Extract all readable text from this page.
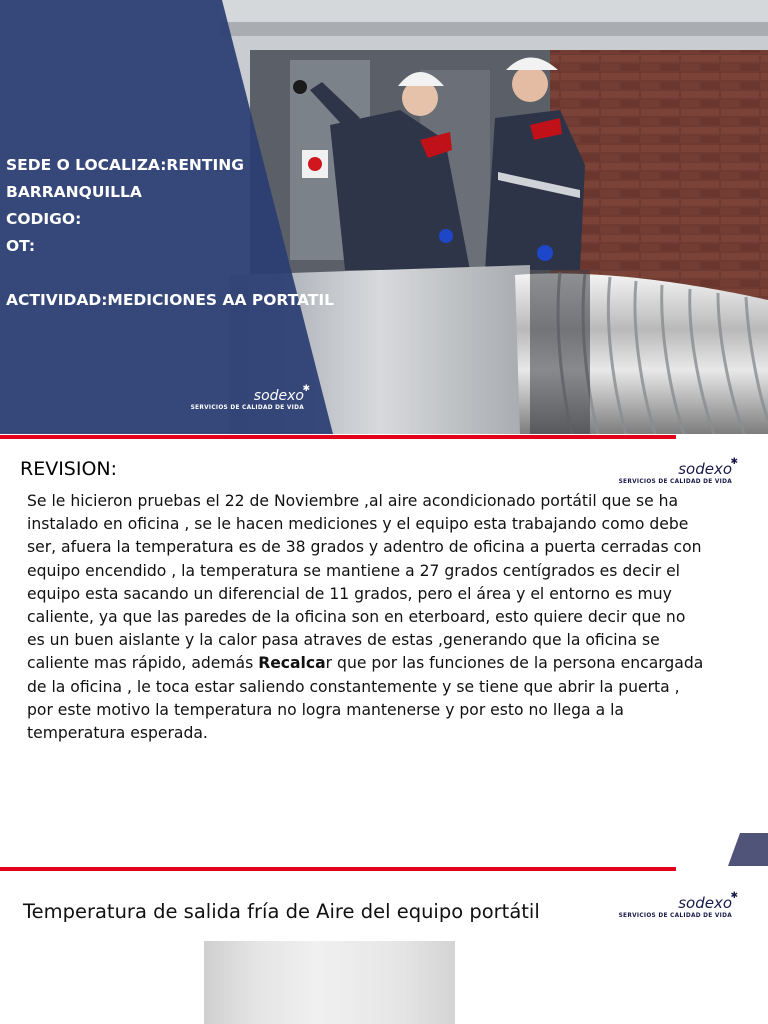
SEDE O LOCALIZA:RENTING
BARRANQUILLA
CODIGO:
OT:
ACTIVIDAD:MEDICIONES AA PORTATIL
sodexo
✱
SERVICIOS DE CALIDAD DE VIDA
REVISION:	sodexo
✱
SERVICIOS DE CALIDAD DE VIDA

Se le hicieron pruebas el 22 de Noviembre ,al aire acondicionado portátil que se ha

instalado en oficina , se le hacen mediciones y el equipo esta trabajando como debe

ser, afuera la temperatura es de 38 grados y adentro de oficina a puerta cerradas con

equipo encendido , la temperatura se mantiene a 27 grados centígrados es decir el

equipo esta sacando un diferencial de 11 grados, pero el área y el entorno es muy

caliente, ya que las paredes de la oficina son en eterboard, esto quiere decir que no

es un buen aislante y la calor pasa atraves de estas ,generando que la oficina se

caliente mas rápido, además Recalcar que por las funciones de la persona encargada

de la oficina , le toca estar saliendo constantemente y se tiene que abrir la puerta ,

por este motivo la temperatura no logra mantenerse y por esto no llega a la

temperatura esperada.

Temperatura de salida fría de Aire del equipo portátil	sodexo
✱
SERVICIOS DE CALIDAD DE VIDA
